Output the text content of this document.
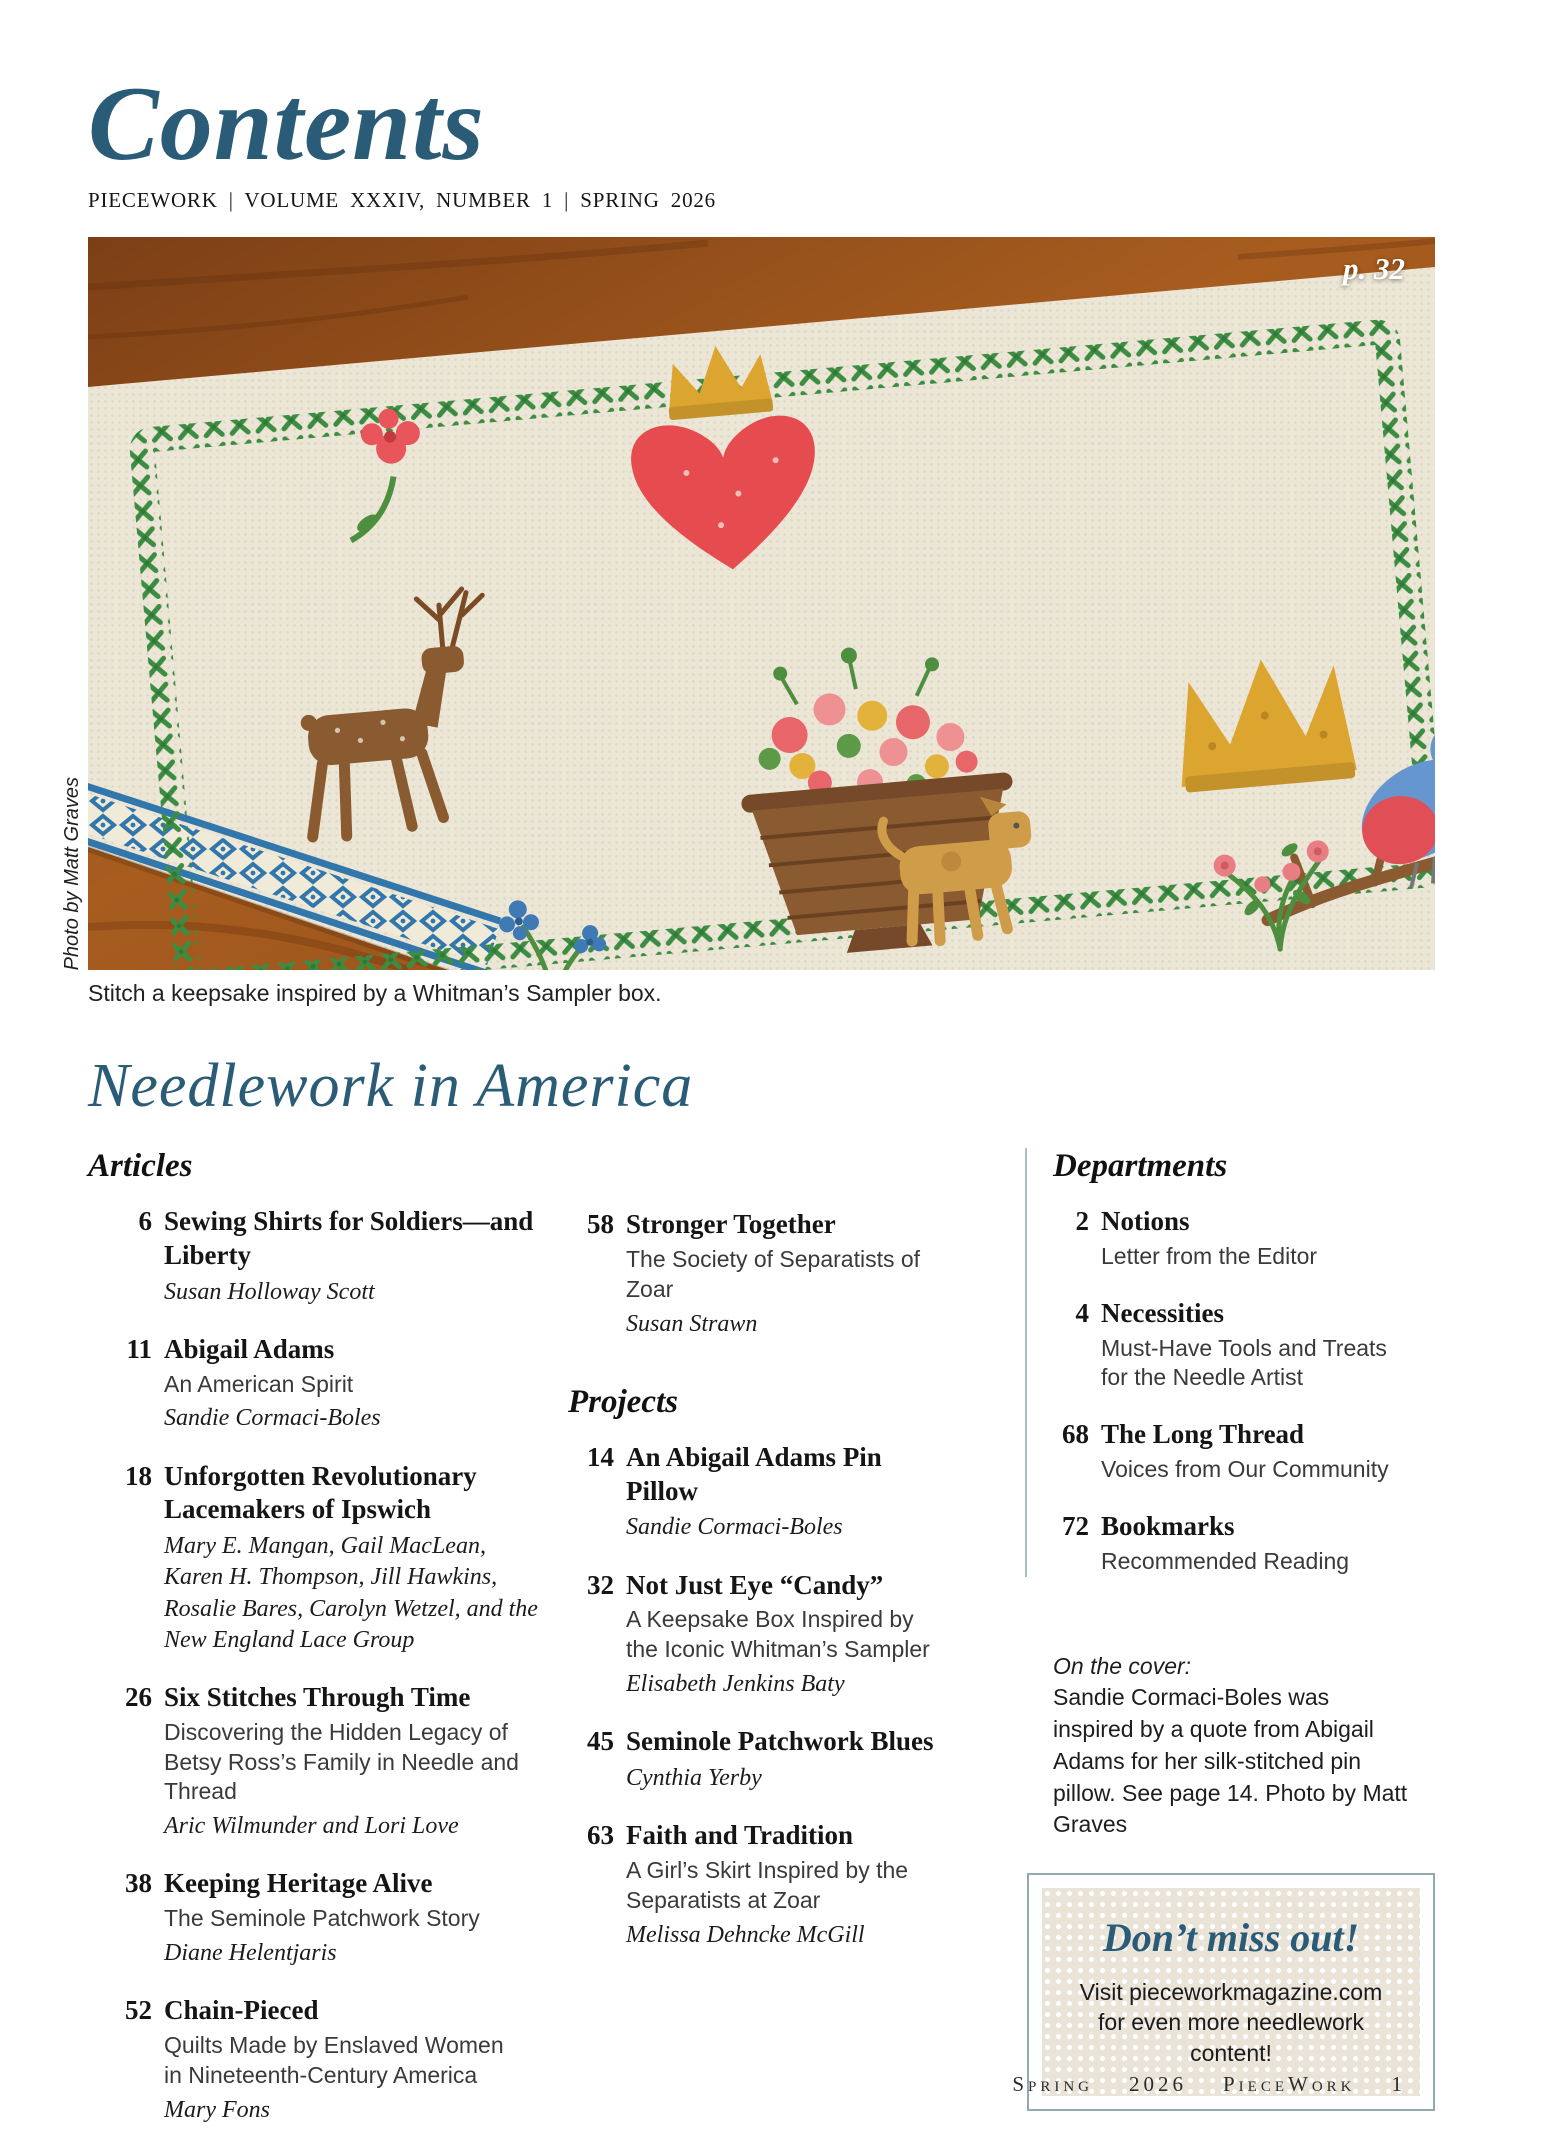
Contents
PIECEWORK | VOLUME XXXIV, NUMBER 1 | SPRING 2026
p. 32
Photo by Matt Graves
Stitch a keepsake inspired by a Whitman’s Sampler box.
Needlework in America
Articles
6 Sewing Shirts for Soldiers—and Liberty
Susan Holloway Scott
11 Abigail Adams
An American Spirit
Sandie Cormaci-Boles
18 Unforgotten Revolutionary Lacemakers of Ipswich
Mary E. Mangan, Gail MacLean, Karen H. Thompson, Jill Hawkins, Rosalie Bares, Carolyn Wetzel, and the New England Lace Group
26 Six Stitches Through Time
Discovering the Hidden Legacy of Betsy Ross’s Family in Needle and Thread
Aric Wilmunder and Lori Love
38 Keeping Heritage Alive
The Seminole Patchwork Story
Diane Helentjaris
52 Chain-Pieced
Quilts Made by Enslaved Women in Nineteenth-Century America
Mary Fons
58 Stronger Together
The Society of Separatists of Zoar
Susan Strawn
Projects
14 An Abigail Adams Pin Pillow
Sandie Cormaci-Boles
32 Not Just Eye “Candy”
A Keepsake Box Inspired by the Iconic Whitman’s Sampler
Elisabeth Jenkins Baty
45 Seminole Patchwork Blues
Cynthia Yerby
63 Faith and Tradition
A Girl’s Skirt Inspired by the Separatists at Zoar
Melissa Dehncke McGill
Departments
2 Notions
Letter from the Editor
4 Necessities
Must-Have Tools and Treats for the Needle Artist
68 The Long Thread
Voices from Our Community
72 Bookmarks
Recommended Reading
On the cover:
Sandie Cormaci-Boles was inspired by a quote from Abigail Adams for her silk-stitched pin pillow. See page 14. Photo by Matt Graves
Don’t miss out!
Visit pieceworkmagazine.com for even more needlework content!
Spring 2026 PieceWork 1
